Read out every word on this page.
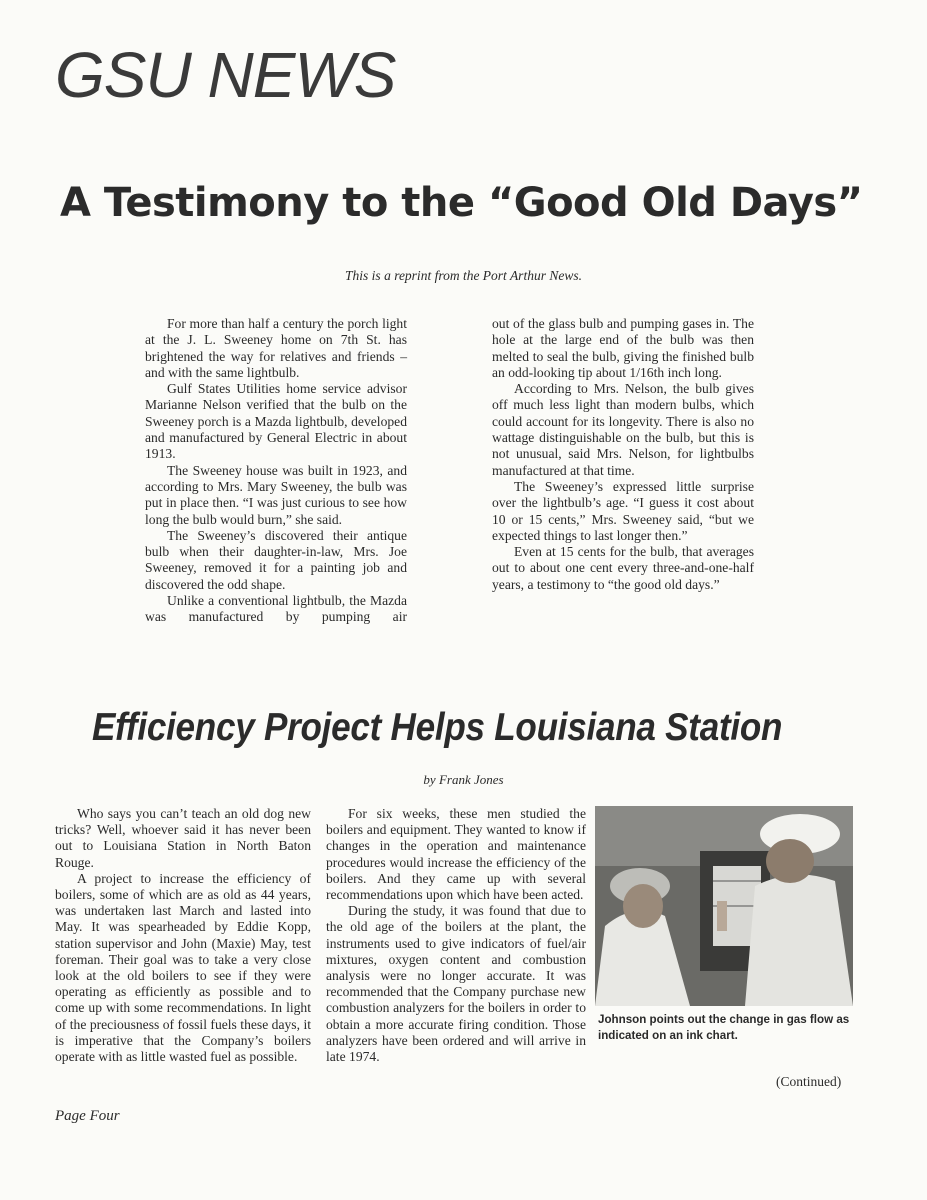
GSU NEWS
A Testimony to the “Good Old Days”
This is a reprint from the Port Arthur News.

For more than half a century the porch light at the J. L. Sweeney home on 7th St. has brightened the way for relatives and friends – and with the same lightbulb.

Gulf States Utilities home service advisor Marianne Nelson verified that the bulb on the Sweeney porch is a Mazda lightbulb, developed and manufactured by General Electric in about 1913.

The Sweeney house was built in 1923, and according to Mrs. Mary Sweeney, the bulb was put in place then. “I was just curious to see how long the bulb would burn,” she said.

The Sweeney’s discovered their antique bulb when their daughter-in-law, Mrs. Joe Sweeney, removed it for a painting job and discovered the odd shape.

Unlike a conventional lightbulb, the Mazda was manufactured by pumping air

out of the glass bulb and pumping gases in. The hole at the large end of the bulb was then melted to seal the bulb, giving the finished bulb an odd-looking tip about 1/16th inch long.

According to Mrs. Nelson, the bulb gives off much less light than modern bulbs, which could account for its longevity. There is also no wattage distinguishable on the bulb, but this is not unusual, said Mrs. Nelson, for lightbulbs manufactured at that time.

The Sweeney’s expressed little surprise over the lightbulb’s age. “I guess it cost about 10 or 15 cents,” Mrs. Sweeney said, “but we expected things to last longer then.”

Even at 15 cents for the bulb, that averages out to about one cent every three-and-one-half years, a testimony to “the good old days.”

Efficiency Project Helps Louisiana Station
by Frank Jones

Who says you can’t teach an old dog new tricks? Well, whoever said it has never been out to Louisiana Station in North Baton Rouge.

A project to increase the efficiency of boilers, some of which are as old as 44 years, was undertaken last March and lasted into May. It was spearheaded by Eddie Kopp, station supervisor and John (Maxie) May, test foreman. Their goal was to take a very close look at the old boilers to see if they were operating as efficiently as possible and to come up with some recommendations. In light of the preciousness of fossil fuels these days, it is imperative that the Company’s boilers operate with as little wasted fuel as possible.

For six weeks, these men studied the boilers and equipment. They wanted to know if changes in the operation and maintenance procedures would increase the efficiency of the boilers. And they came up with several recommendations upon which have been acted.

During the study, it was found that due to the old age of the boilers at the plant, the instruments used to give indicators of fuel/air mixtures, oxygen content and combustion analysis were no longer accurate. It was recommended that the Company purchase new combustion analyzers for the boilers in order to obtain a more accurate firing condition. Those analyzers have been ordered and will arrive in late 1974.

Johnson points out the change in gas flow as indicated on an ink chart.
(Continued)
Page Four
